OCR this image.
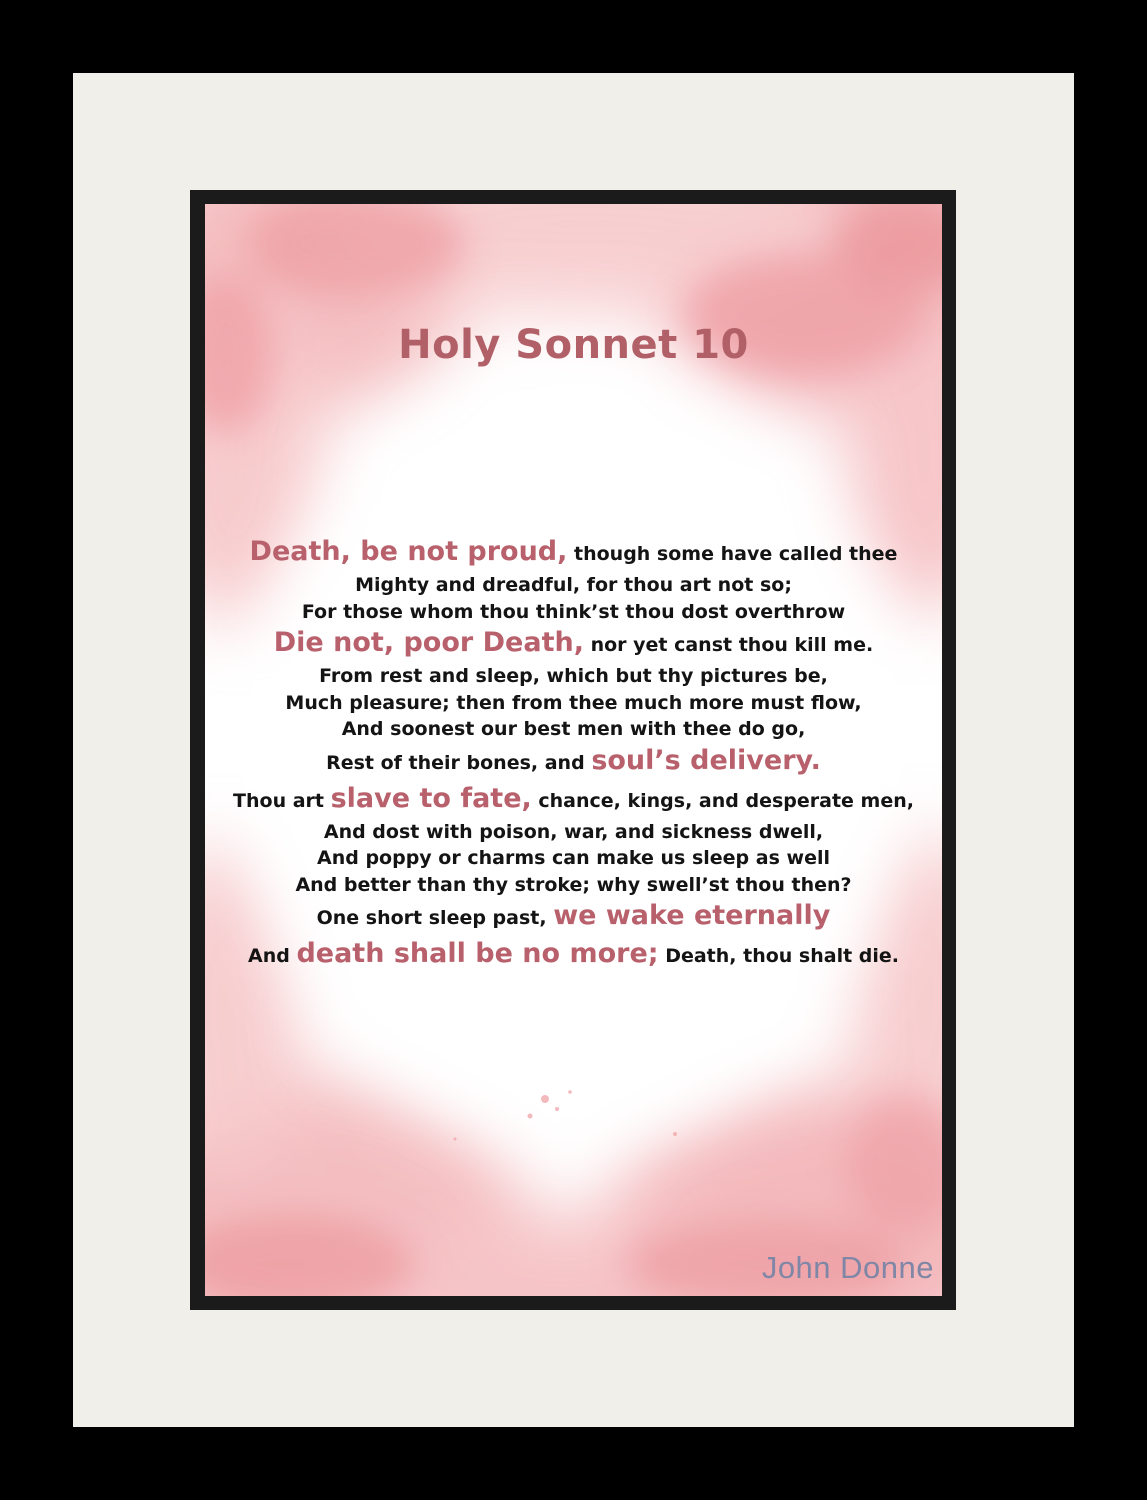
Holy Sonnet 10
Death, be not proud, though some have called thee
Mighty and dreadful, for thou art not so;
For those whom thou think’st thou dost overthrow
Die not, poor Death, nor yet canst thou kill me.
From rest and sleep, which but thy pictures be,
Much pleasure; then from thee much more must flow,
And soonest our best men with thee do go,
Rest of their bones, and soul’s delivery.
Thou art slave to fate, chance, kings, and desperate men,
And dost with poison, war, and sickness dwell,
And poppy or charms can make us sleep as well
And better than thy stroke; why swell’st thou then?
One short sleep past, we wake eternally
And death shall be no more; Death, thou shalt die.
John Donne
